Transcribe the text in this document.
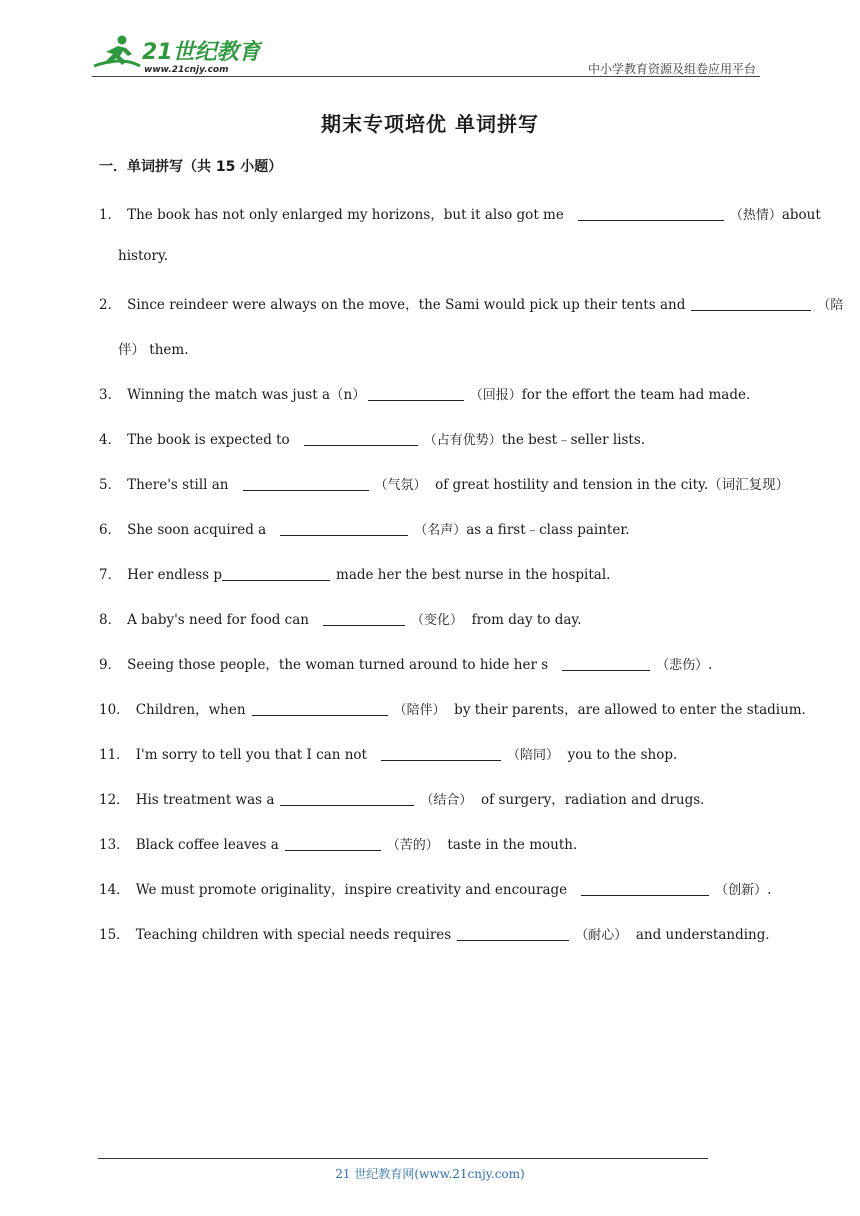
21世纪教育
www.21cnjy.com	中小学教育资源及组卷应用平台
期末专项培优 单词拼写
一．单词拼写（共 15 小题）
1． The book has not only enlarged my horizons，but it also got me	（热情）about
history.
2． Since reindeer were always on the move，the Sami would pick up their tents and	（陪
伴） them.
3． Winning the match was just a（n）	（回报）for the effort the team had made．
4． The book is expected to	（占有优势）the best﹣seller lists.
5． There's still an	（气氛） of great hostility and tension in the city.（词汇复现）
6． She soon acquired a	（名声）as a first﹣class painter.
7． Her endless p	made her the best nurse in the hospital.
8． A baby's need for food can	（变化） from day to day.
9． Seeing those people，the woman turned around to hide her s	（悲伤）.
10． Children，when	（陪伴） by their parents，are allowed to enter the stadium．
11． I'm sorry to tell you that I can not	（陪同） you to the shop.
12． His treatment was a	（结合） of surgery，radiation and drugs．
13． Black coffee leaves a	（苦的） taste in the mouth．
14． We must promote originality，inspire creativity and encourage	（创新）.
15． Teaching children with special needs requires	（耐心） and understanding．
21 世纪教育网(www.21cnjy.com)
